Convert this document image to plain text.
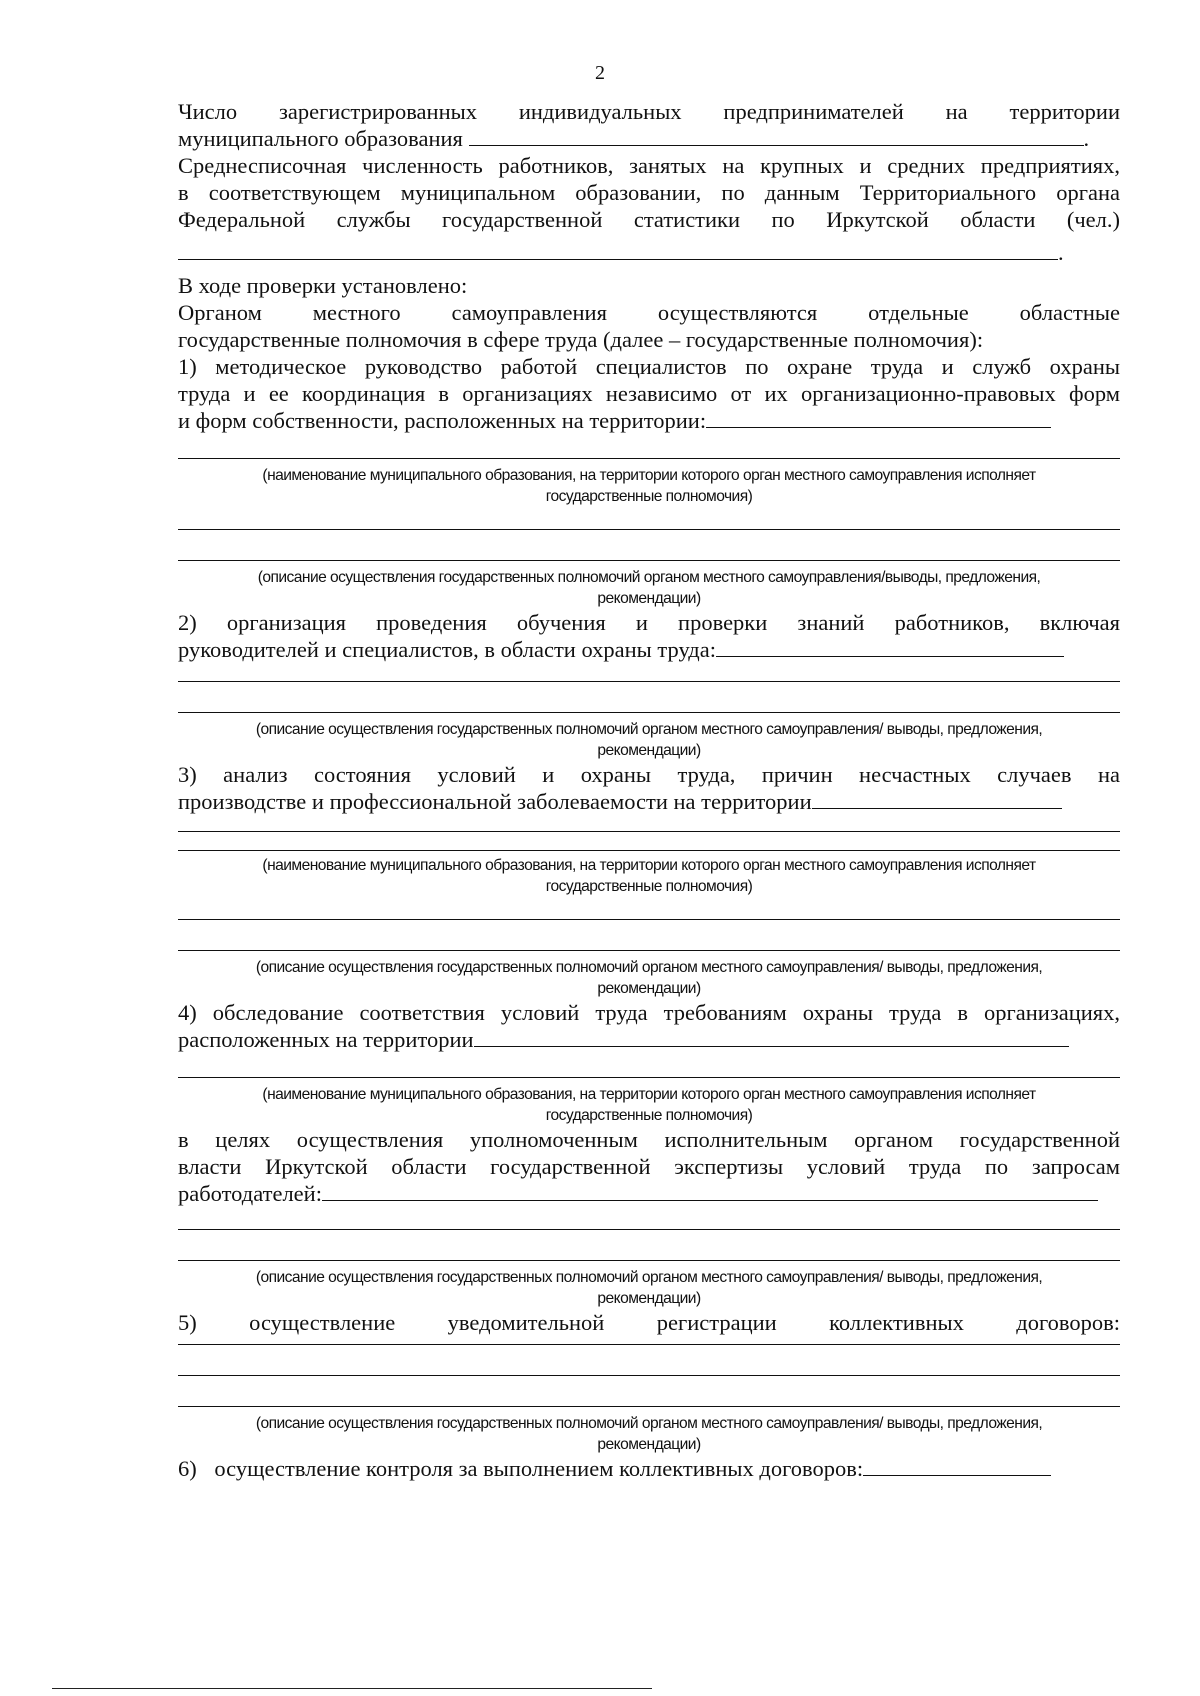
2
Число зарегистрированных индивидуальных предпринимателей на территории
муниципального образования	.
Среднесписочная численность работников, занятых на крупных и средних предприятиях,
в соответствующем муниципальном образовании, по данным Территориального органа
Федеральной службы государственной статистики по Иркутской области (чел.)
.
В ходе проверки установлено:
Органом местного самоуправления осуществляются отдельные областные
государственные полномочия в сфере труда (далее – государственные полномочия):
1) методическое руководство работой специалистов по охране труда и служб охраны
труда и ее координация в организациях независимо от их организационно-правовых форм
и форм собственности, расположенных на территории:
(наименование муниципального образования, на территории которого орган местного самоуправления исполняет
государственные полномочия)
(описание осуществления государственных полномочий органом местного самоуправления/выводы, предложения,
рекомендации)
2) организация проведения обучения и проверки знаний работников, включая
руководителей и специалистов, в области охраны труда:
(описание осуществления государственных полномочий органом местного самоуправления/ выводы, предложения,
рекомендации)
3) анализ состояния условий и охраны труда, причин несчастных случаев на
производстве и профессиональной заболеваемости на территории
(наименование муниципального образования, на территории которого орган местного самоуправления исполняет
государственные полномочия)
(описание осуществления государственных полномочий органом местного самоуправления/ выводы, предложения,
рекомендации)
4) обследование соответствия условий труда требованиям охраны труда в организациях,
расположенных на территории
(наименование муниципального образования, на территории которого орган местного самоуправления исполняет
государственные полномочия)
в целях осуществления уполномоченным исполнительным органом государственной
власти Иркутской области государственной экспертизы условий труда по запросам
работодателей:
(описание осуществления государственных полномочий органом местного самоуправления/ выводы, предложения,
рекомендации)
5) осуществление уведомительной регистрации коллективных договоров:
(описание осуществления государственных полномочий органом местного самоуправления/ выводы, предложения,
рекомендации)
6) осуществление контроля за выполнением коллективных договоров:
